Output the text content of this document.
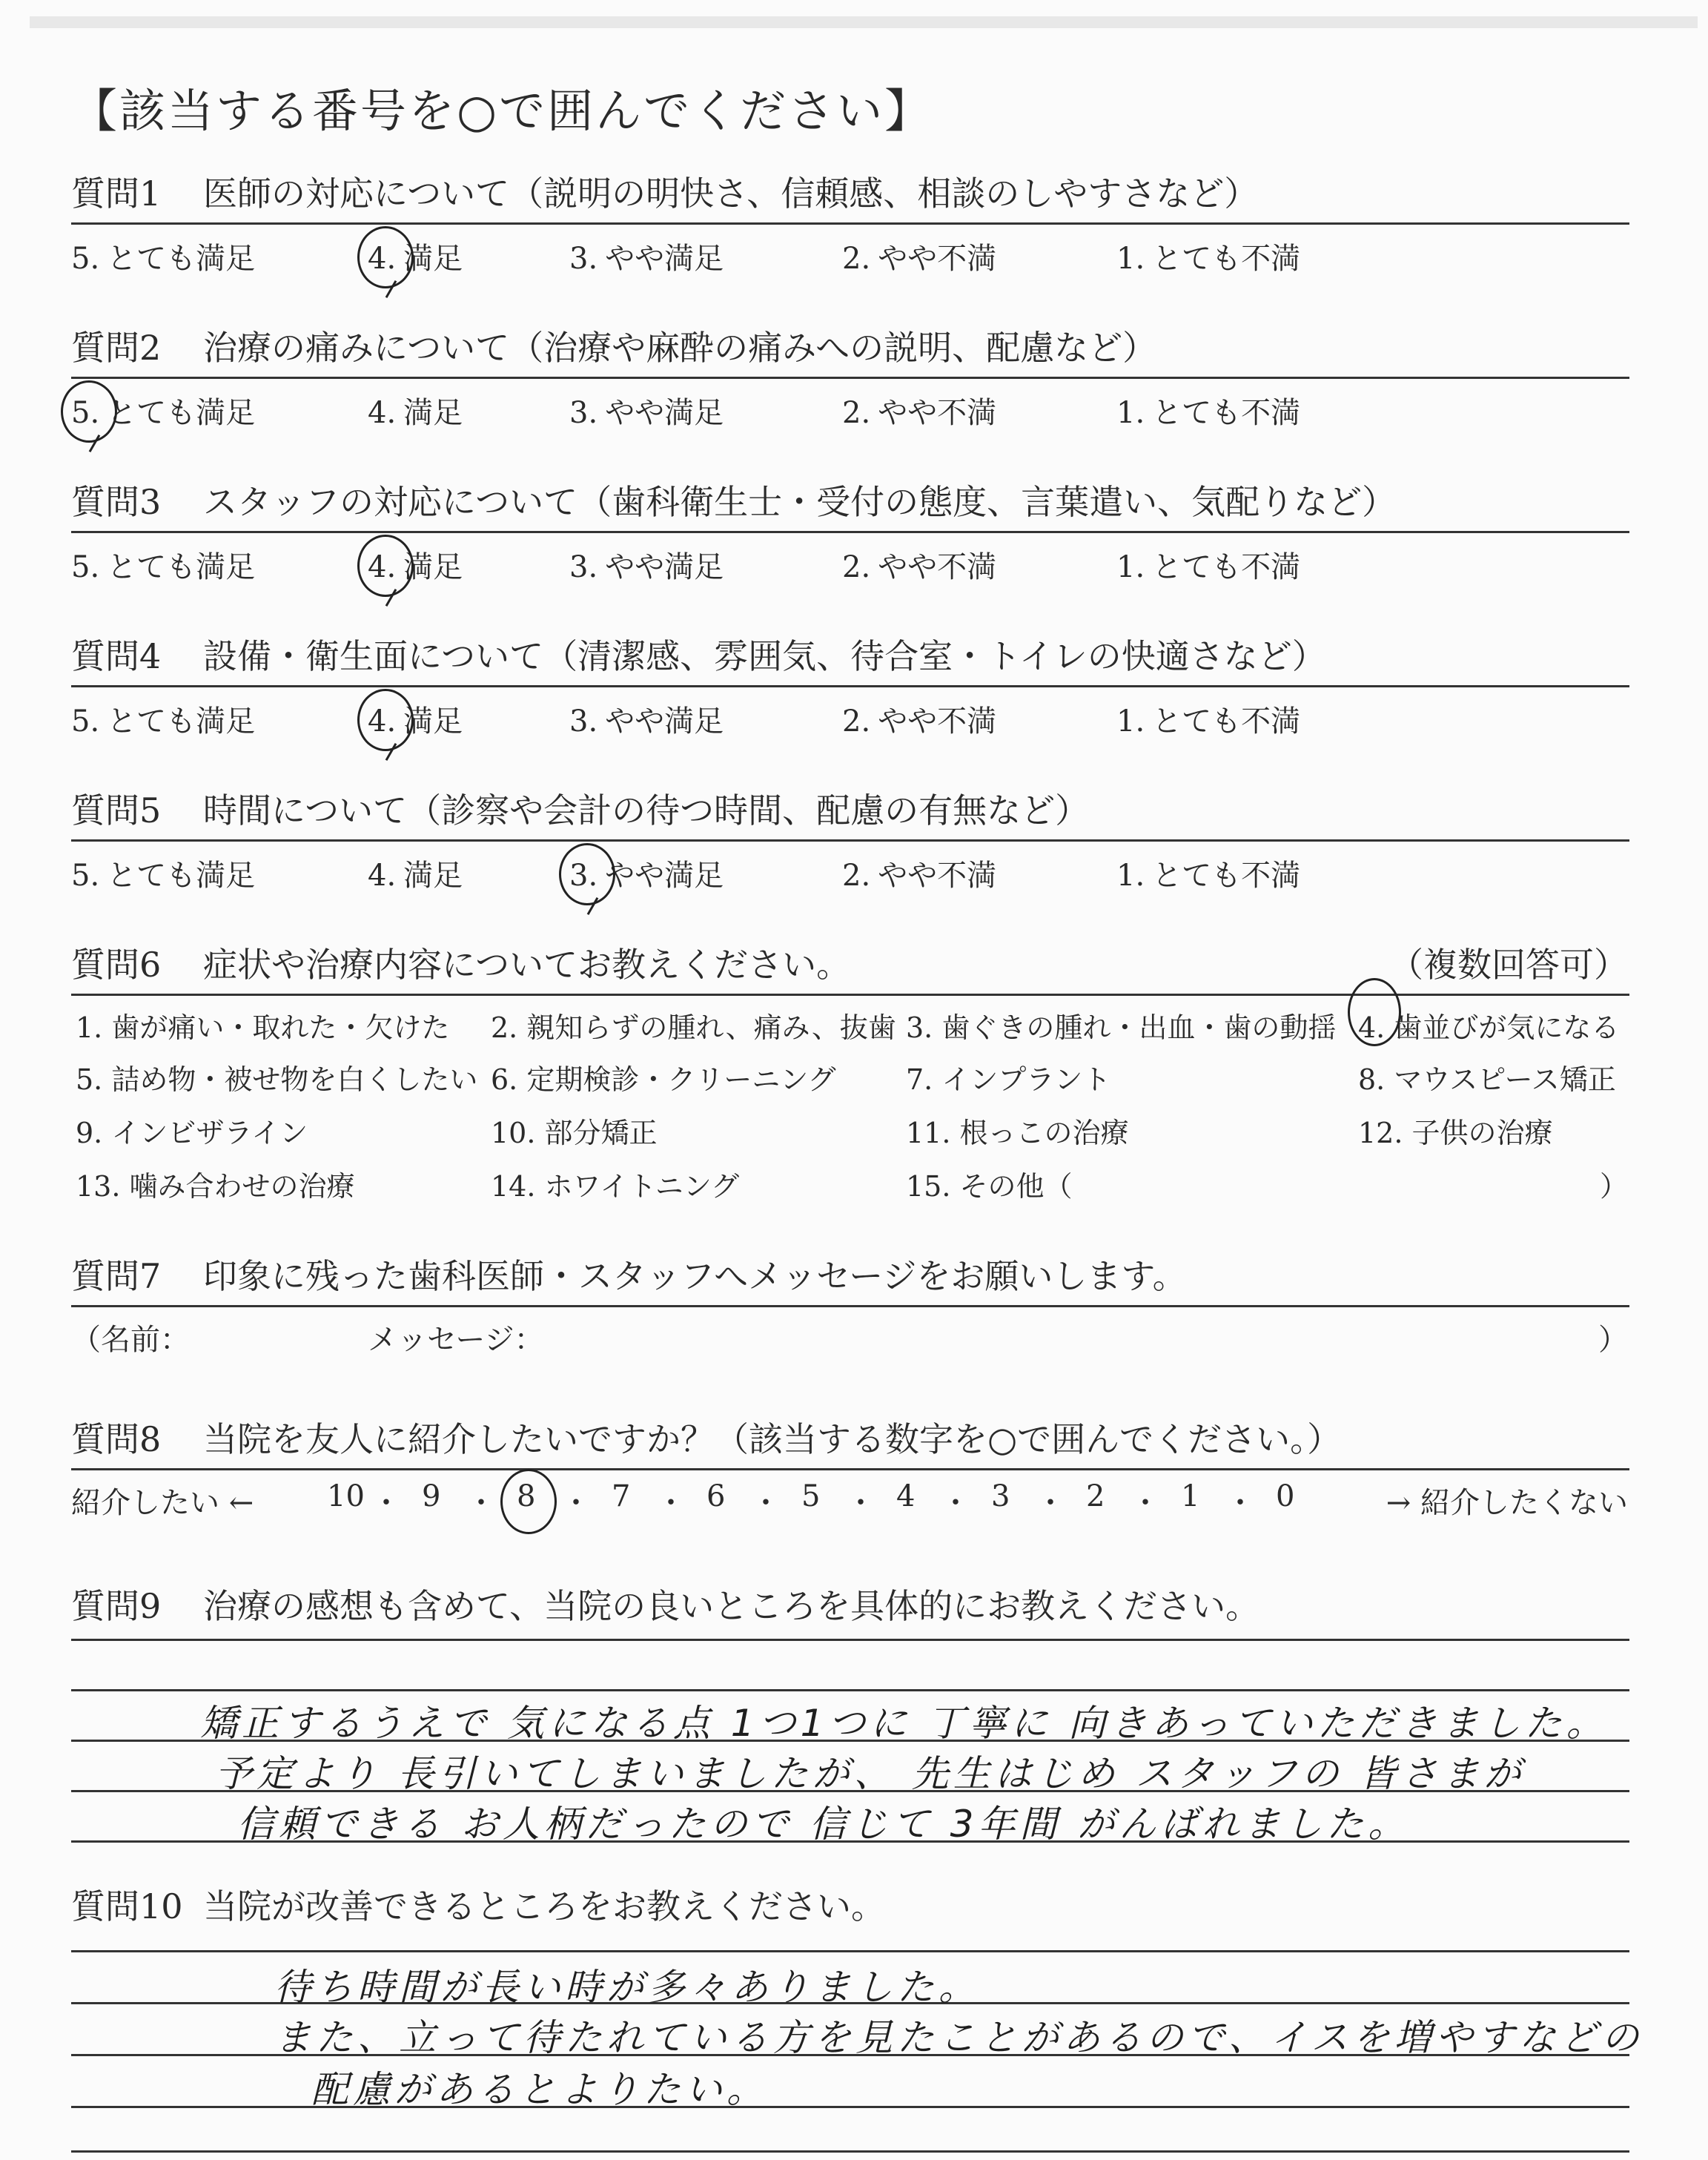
【該当する番号を○で囲んでください】
質問1 医師の対応について（説明の明快さ、信頼感、相談のしやすさなど）
5. とても満足	4. 満足	3. やや満足	2. やや不満	1. とても不満
質問2 治療の痛みについて（治療や麻酔の痛みへの説明、配慮など）
5. とても満足	4. 満足	3. やや満足	2. やや不満	1. とても不満
質問3 スタッフの対応について（歯科衛生士・受付の態度、言葉遣い、気配りなど）
5. とても満足	4. 満足	3. やや満足	2. やや不満	1. とても不満
質問4 設備・衛生面について（清潔感、雰囲気、待合室・トイレの快適さなど）
5. とても満足	4. 満足	3. やや満足	2. やや不満	1. とても不満
質問5 時間について（診察や会計の待つ時間、配慮の有無など）
5. とても満足	4. 満足	3. やや満足	2. やや不満	1. とても不満
質問6 症状や治療内容についてお教えください。	（複数回答可）
）
1. 歯が痛い・取れた・欠けた 2. 親知らずの腫れ、痛み、抜歯 3. 歯ぐきの腫れ・出血・歯の動揺 4. 歯並びが気になる
5. 詰め物・被せ物を白くしたい 6. 定期検診・クリーニング 7. インプラント	8. マウスピース矯正
9. インビザライン	10. 部分矯正	11. 根っこの治療	12. 子供の治療
13. 噛み合わせの治療	14. ホワイトニング	15. その他（
質問7 印象に残った歯科医師・スタッフへメッセージをお願いします。
（名前：	メッセージ：	）
質問8 当院を友人に紹介したいですか？（該当する数字を○で囲んでください。）
紹介したい ←	→ 紹介したくない
10 ・ 9 ・ 8 ・ 7 ・ 6 ・ 5 ・ 4 ・ 3 ・ 2 ・ 1 ・ 0
質問9 治療の感想も含めて、当院の良いところを具体的にお教えください。
矯正するうえで 気になる点 1つ1つに 丁寧に 向きあっていただきました。
予定より 長引いてしまいましたが、 先生はじめ スタッフの 皆さまが
信頼できる お人柄だったので 信じて 3年間 がんばれました。
質問10 当院が改善できるところをお教えください。
待ち時間が長い時が多々ありました。
また、立って待たれている方を見たことがあるので、イスを増やすなどの
配慮があるとよりたい。
